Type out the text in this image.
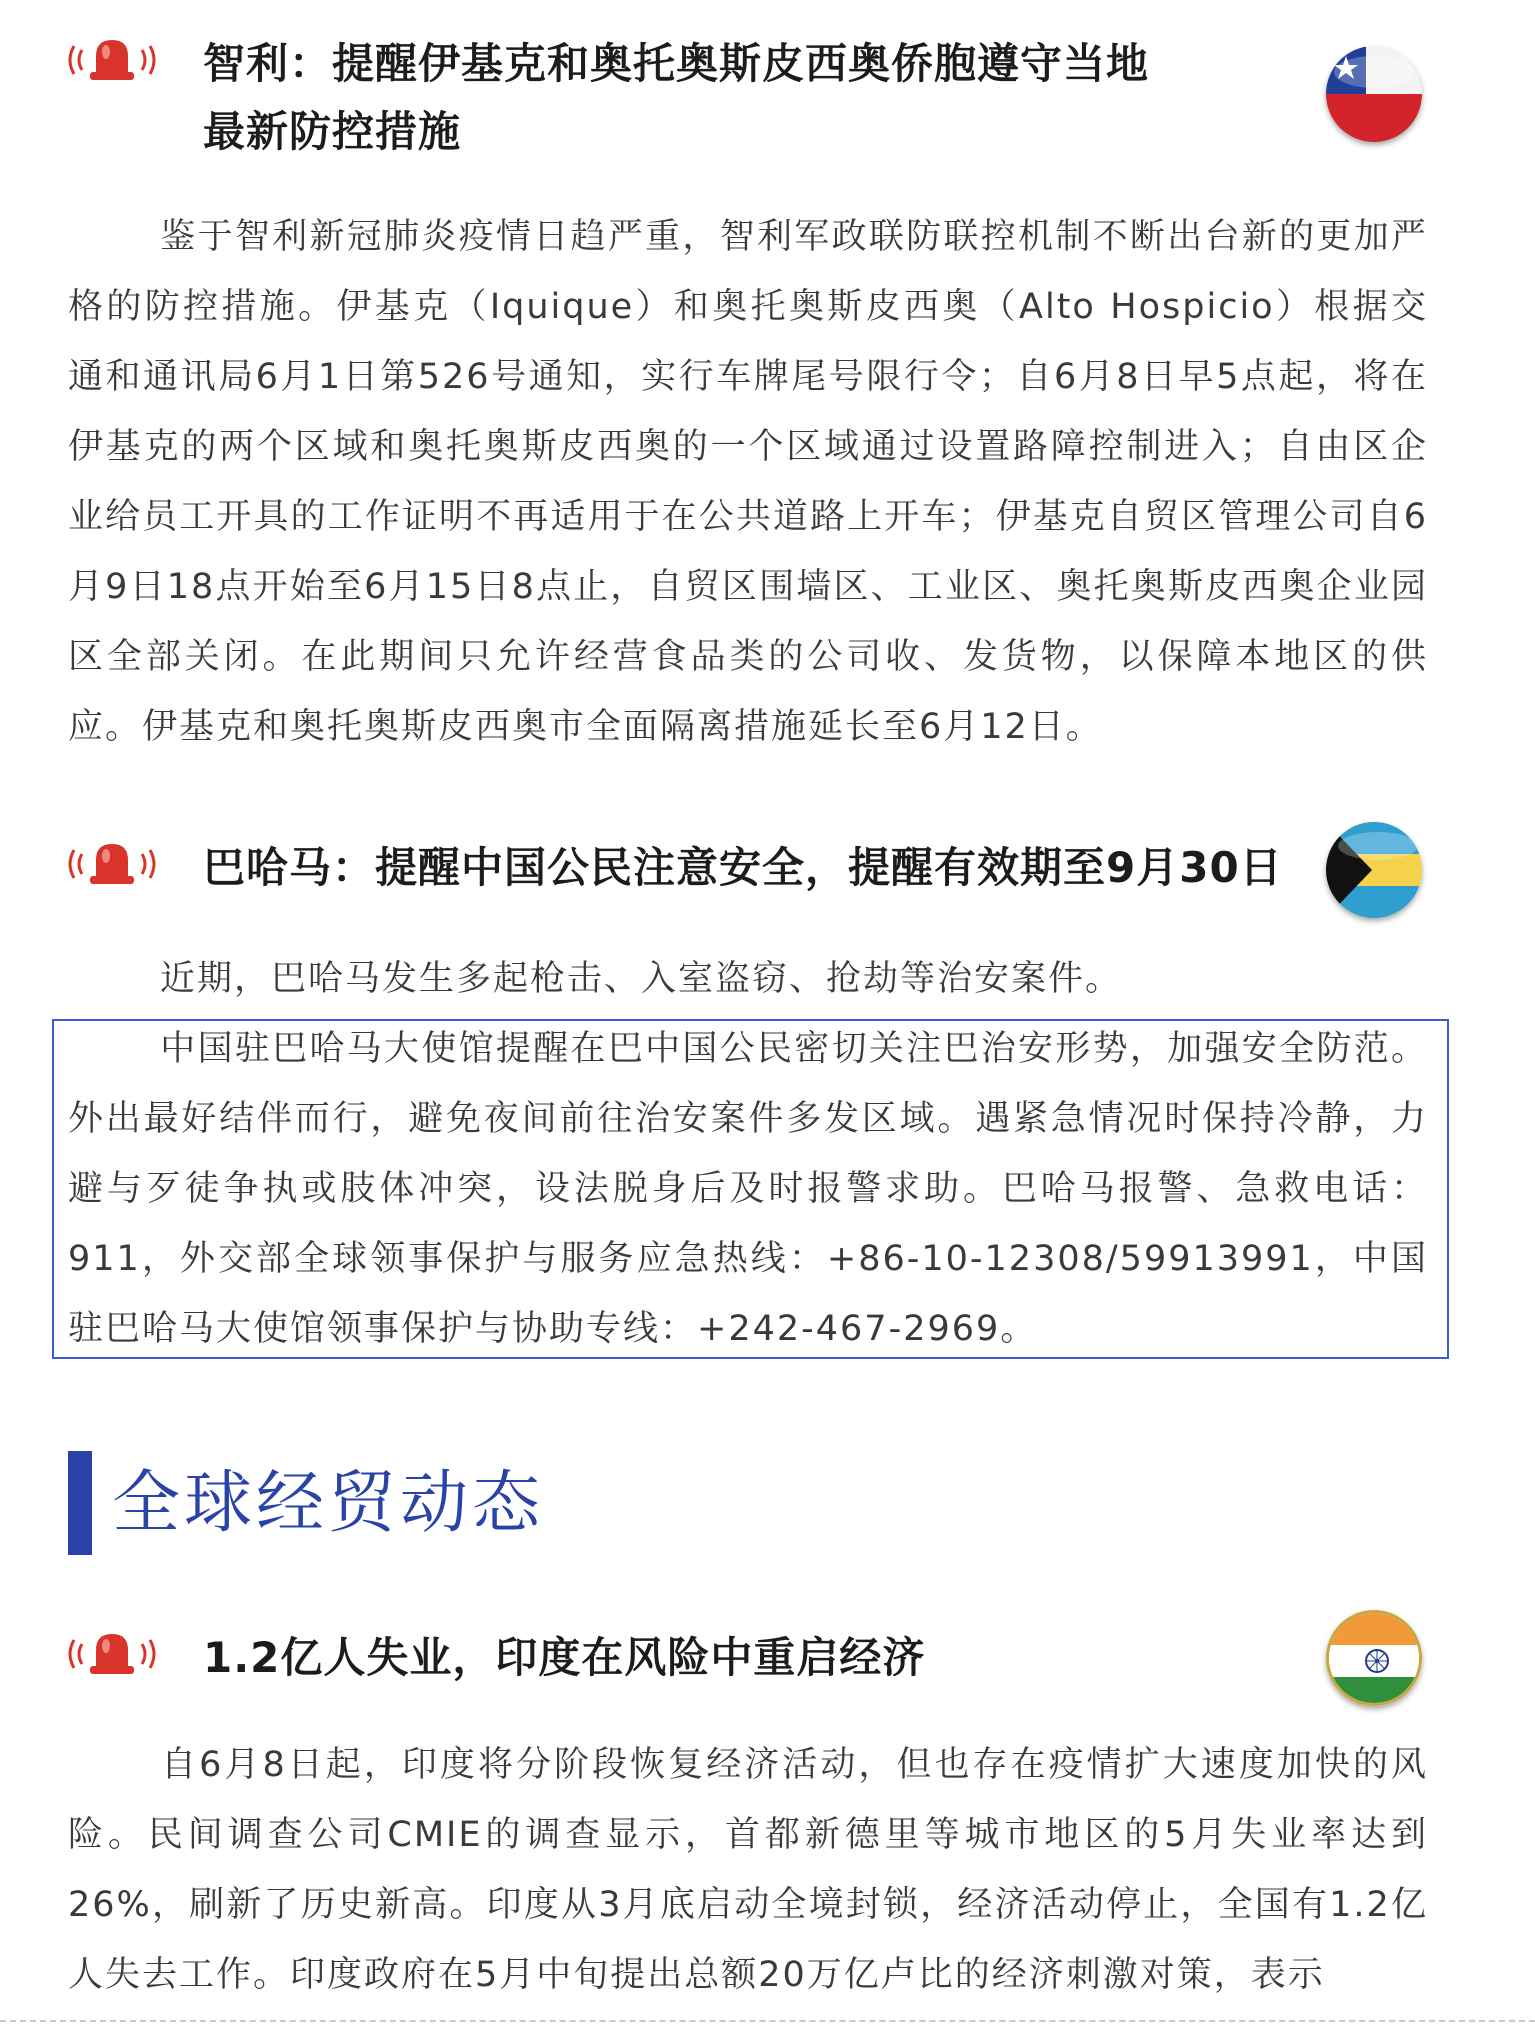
智利：提醒伊基克和奥托奥斯皮西奥侨胞遵守当地
最新防控措施

鉴于智利新冠肺炎疫情日趋严重，智利军政联防联控机制不断出台新的更加严格的防控措施。伊基克（Iquique）和奥托奥斯皮西奥（Alto Hospicio）根据交通和通讯局6月1日第526号通知，实行车牌尾号限行令；自6月8日早5点起，将在伊基克的两个区域和奥托奥斯皮西奥的一个区域通过设置路障控制进入；自由区企业给员工开具的工作证明不再适用于在公共道路上开车；伊基克自贸区管理公司自6月9日18点开始至6月15日8点止，自贸区围墙区、工业区、奥托奥斯皮西奥企业园区全部关闭。在此期间只允许经营食品类的公司收、发货物，以保障本地区的供应。伊基克和奥托奥斯皮西奥市全面隔离措施延长至6月12日。

巴哈马：提醒中国公民注意安全，提醒有效期至9月30日

近期，巴哈马发生多起枪击、入室盗窃、抢劫等治安案件。

中国驻巴哈马大使馆提醒在巴中国公民密切关注巴治安形势，加强安全防范。外出最好结伴而行，避免夜间前往治安案件多发区域。遇紧急情况时保持冷静，力避与歹徒争执或肢体冲突，设法脱身后及时报警求助。巴哈马报警、急救电话：911，外交部全球领事保护与服务应急热线：+86-10-12308/59913991，中国驻巴哈马大使馆领事保护与协助专线：+242-467-2969。

全球经贸动态
1.2亿人失业，印度在风险中重启经济

自6月8日起，印度将分阶段恢复经济活动，但也存在疫情扩大速度加快的风险。民间调查公司CMIE的调查显示，首都新德里等城市地区的5月失业率达到26%，刷新了历史新高。印度从3月底启动全境封锁，经济活动停止，全国有1.2亿人失去工作。印度政府在5月中旬提出总额20万亿卢比的经济刺激对策，表示
